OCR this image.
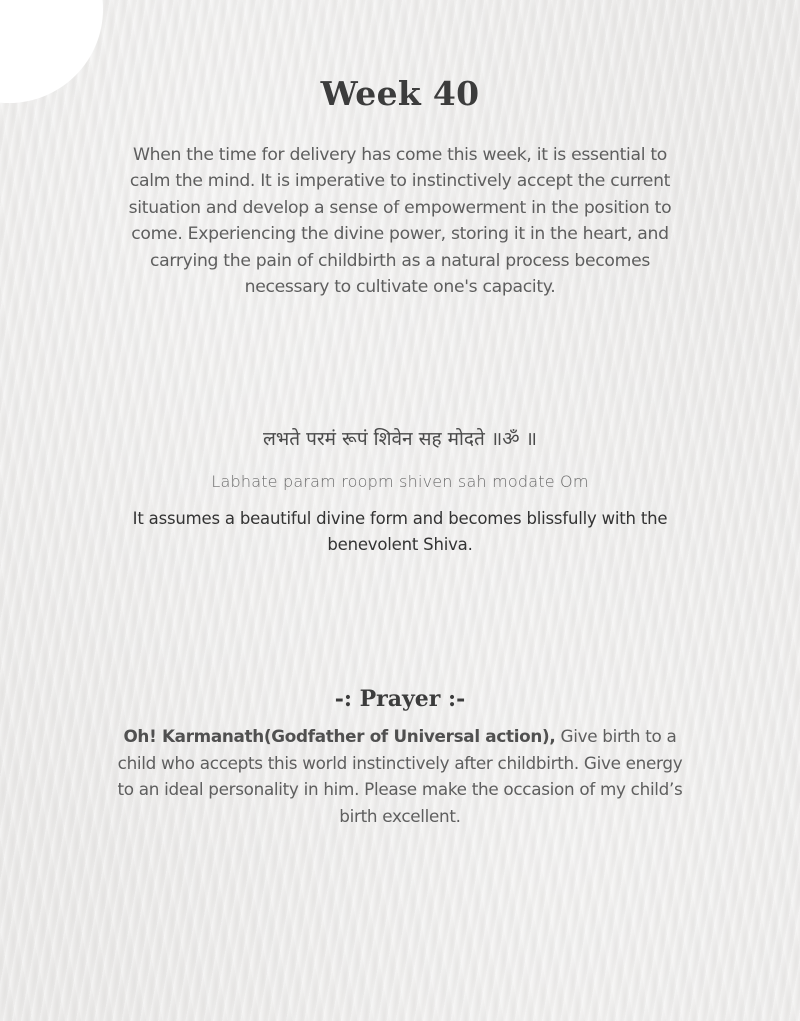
Week 40

When the time for delivery has come this week, it is essential to calm the mind. It is imperative to instinctively accept the current situation and develop a sense of empowerment in the position to come. Experiencing the divine power, storing it in the heart, and carrying the pain of childbirth as a natural process becomes necessary to cultivate one's capacity.

लभते परमं रूपं शिवेन सह मोदते ॥ॐ ॥

Labhate param roopm shiven sah modate Om

It assumes a beautiful divine form and becomes blissfully with the benevolent Shiva.

-: Prayer :-

Oh! Karmanath(Godfather of Universal action), Give birth to a child who accepts this world instinctively after childbirth. Give energy to an ideal personality in him. Please make the occasion of my child’s birth excellent.
